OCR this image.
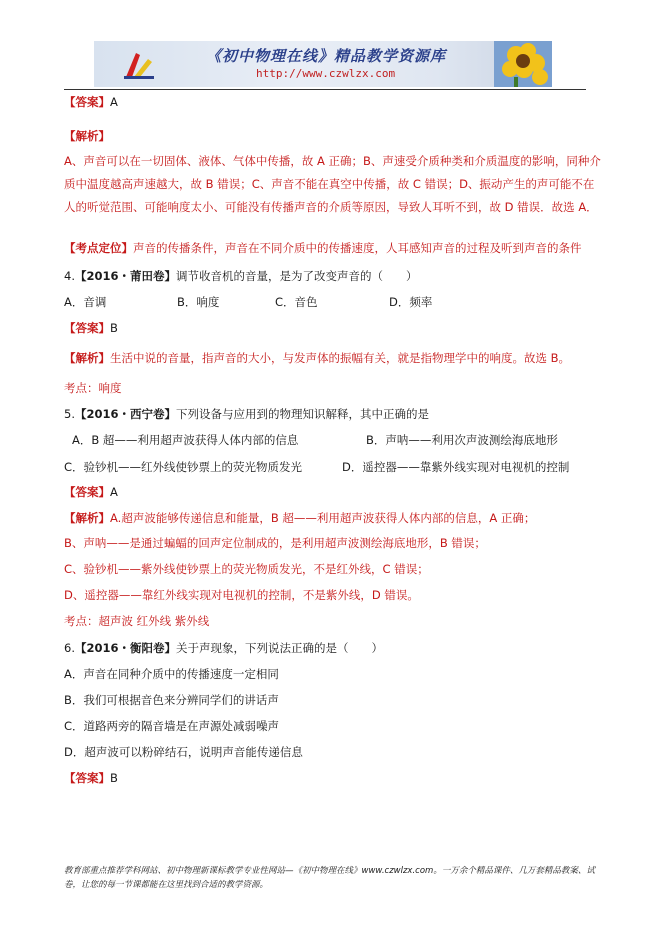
《初中物理在线》精品教学资源库
http://www.czwlzx.com
【答案】A
【解析】
A、声音可以在一切固体、液体、气体中传播，故 A 正确；B、声速受介质种类和介质温度的影响，同种介质中温度越高声速越大，故 B 错误；C、声音不能在真空中传播，故 C 错误；D、振动产生的声可能不在人的听觉范围、可能响度太小、可能没有传播声音的介质等原因，导致人耳听不到，故 D 错误．故选 A．
【考点定位】声音的传播条件，声音在不同介质中的传播速度，人耳感知声音的过程及听到声音的条件
4.【2016・莆田卷】调节收音机的音量，是为了改变声音的（　　）
A．音调	B．响度	C．音色	D．频率
【答案】B
【解析】生活中说的音量，指声音的大小，与发声体的振幅有关，就是指物理学中的响度。故选 B。
考点：响度
5.【2016・西宁卷】下列设备与应用到的物理知识解释，其中正确的是
A．B 超——利用超声波获得人体内部的信息	B．声呐——利用次声波测绘海底地形
C．验钞机——红外线使钞票上的荧光物质发光	D．遥控器——靠紫外线实现对电视机的控制
【答案】A
【解析】A.超声波能够传递信息和能量，B 超——利用超声波获得人体内部的信息，A 正确；
B、声呐——是通过蝙蝠的回声定位制成的，是利用超声波测绘海底地形，B 错误；
C、验钞机——紫外线使钞票上的荧光物质发光，不是红外线，C 错误；
D、遥控器——靠红外线实现对电视机的控制，不是紫外线，D 错误。
考点：超声波 红外线 紫外线
6.【2016・衡阳卷】关于声现象，下列说法正确的是（　　）
A．声音在同种介质中的传播速度一定相同
B．我们可根据音色来分辨同学们的讲话声
C．道路两旁的隔音墙是在声源处减弱噪声
D．超声波可以粉碎结石，说明声音能传递信息
【答案】B
教育部重点推荐学科网站、初中物理新课标教学专业性网站—《初中物理在线》www.czwlzx.com。一万余个精品课件、几万套精品教案、试卷，让您的每一节课都能在这里找到合适的教学资源。
